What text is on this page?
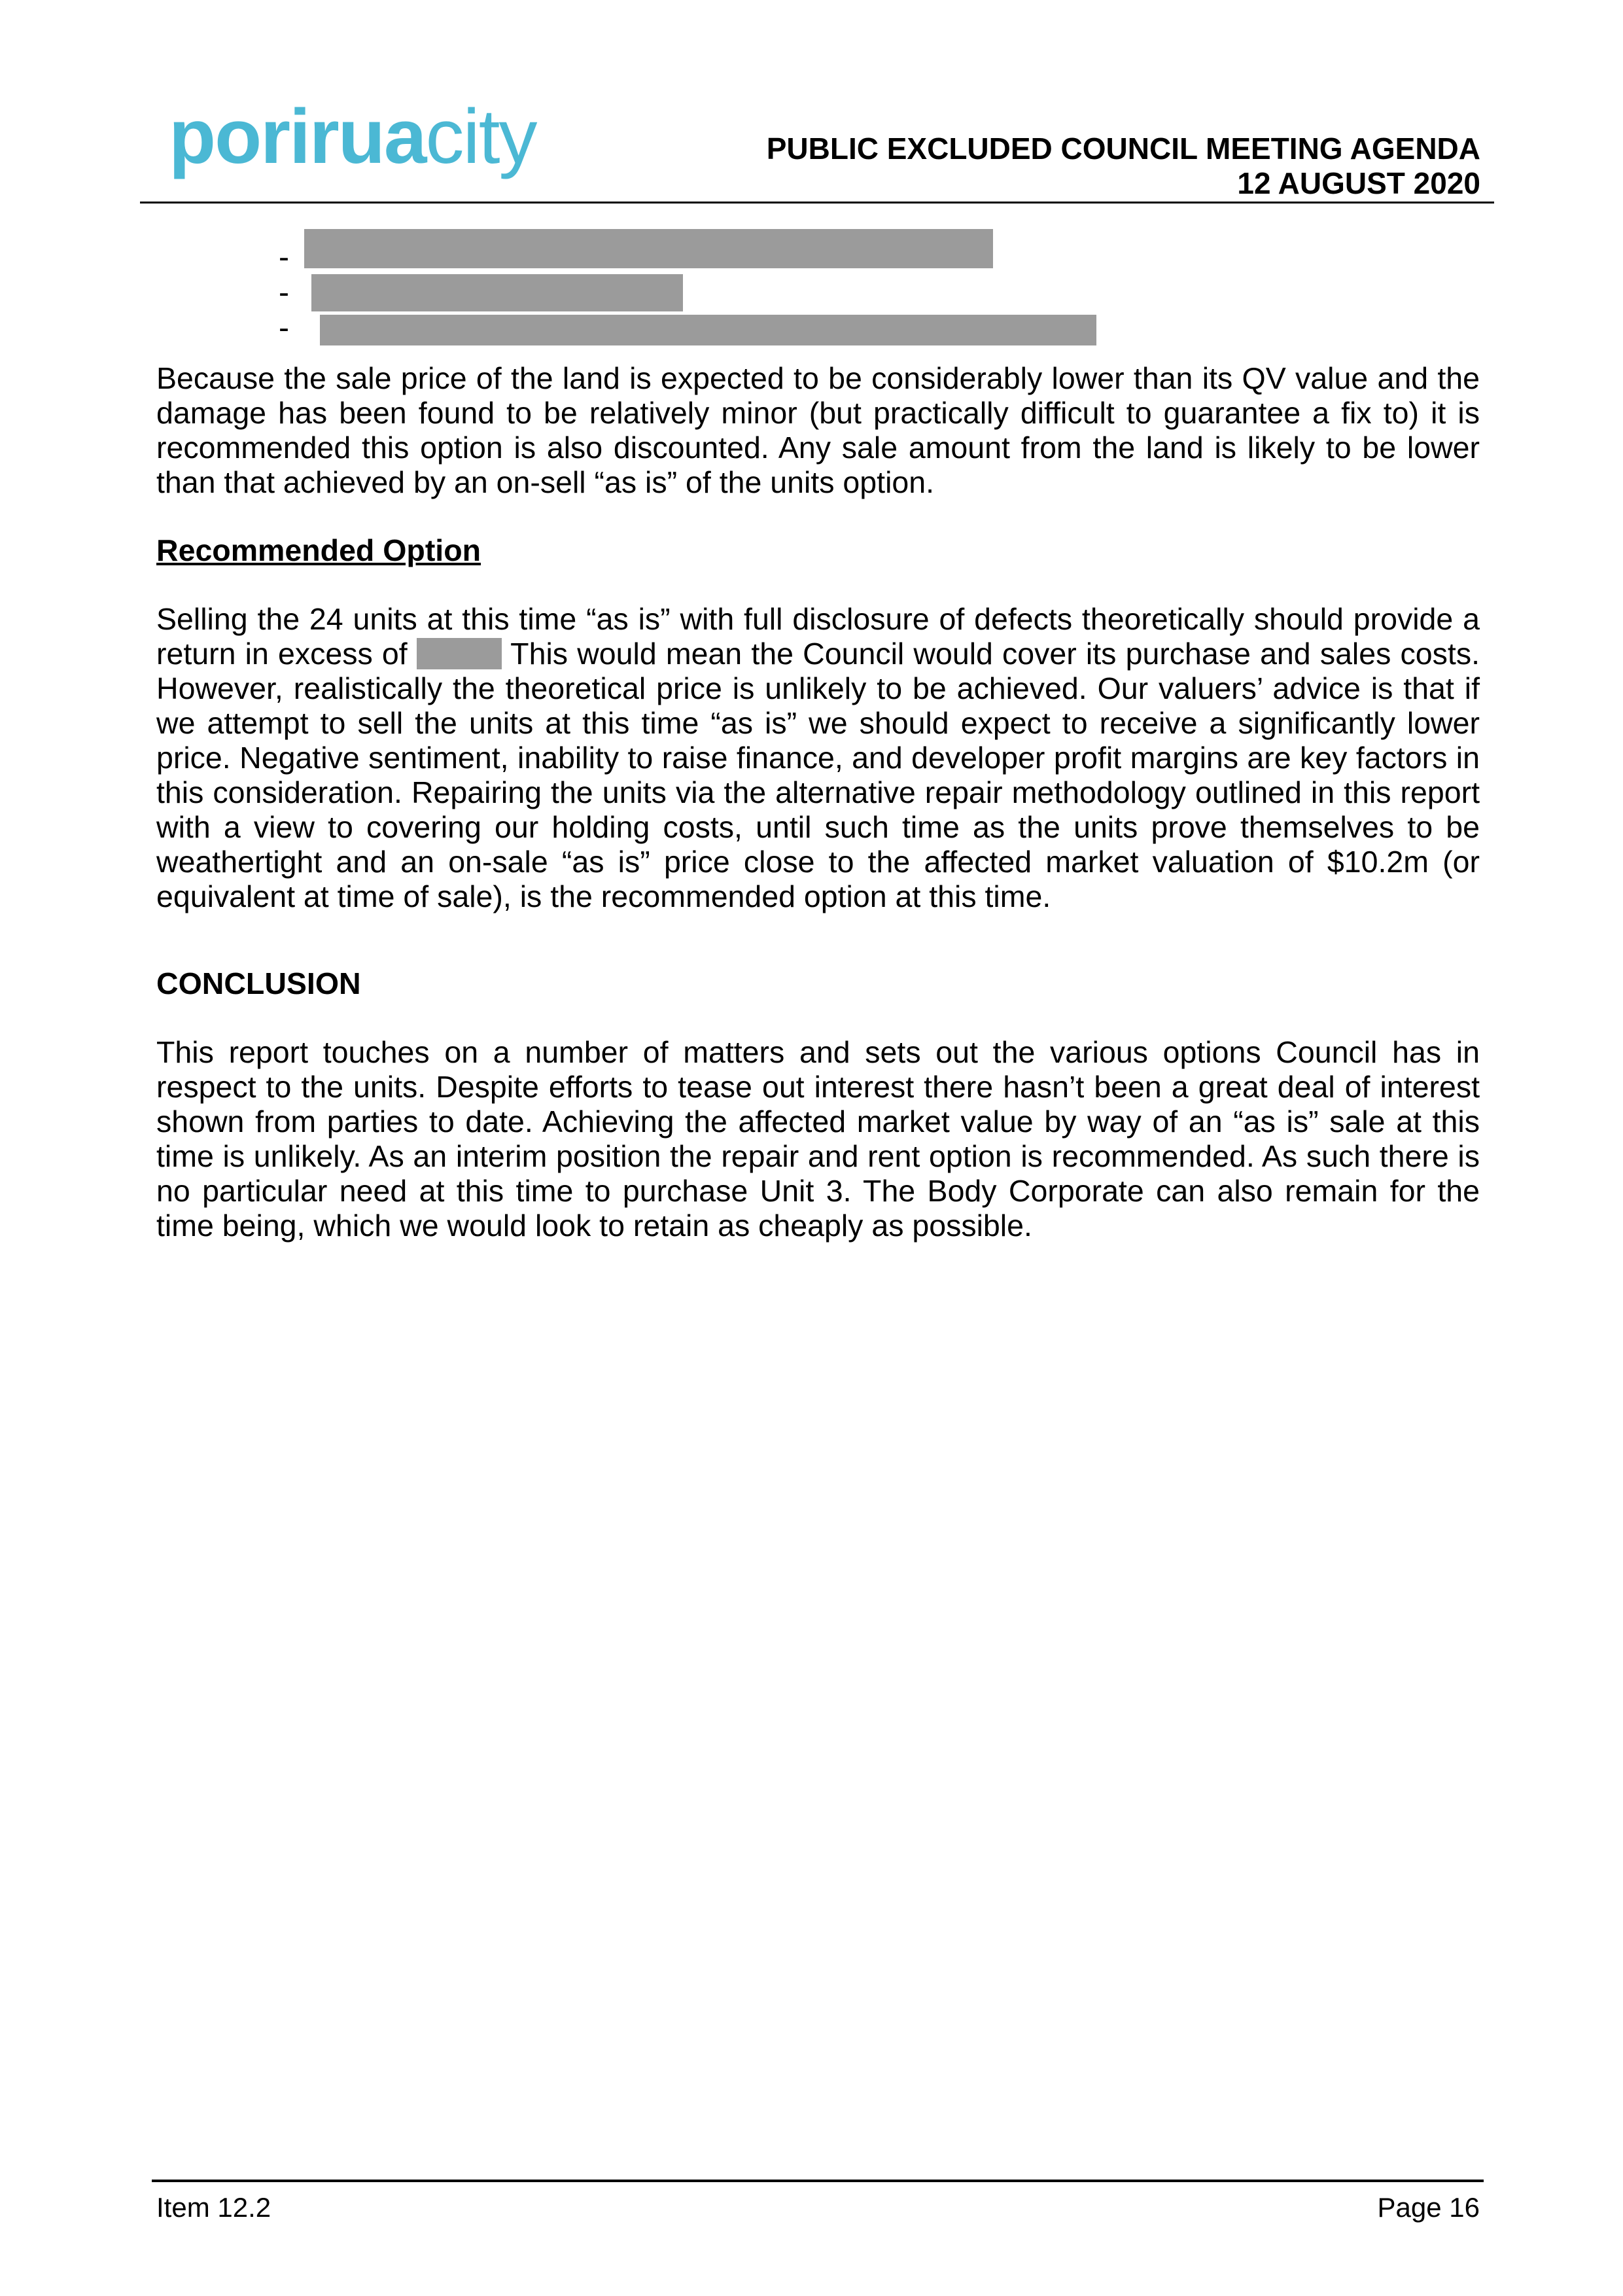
poriruacity	PUBLIC EXCLUDED COUNCIL MEETING AGENDA
12 AUGUST 2020
-
-
-
Because the sale price of the land is expected to be considerably lower than its QV value and the damage has been found to be relatively minor (but practically difficult to guarantee a fix to) it is recommended this option is also discounted. Any sale amount from the land is likely to be lower than that achieved by an on-sell “as is” of the units option.
Recommended Option
Selling the 24 units at this time “as is” with full disclosure of defects theoretically should provide a return in excess of	This would mean the Council would cover its purchase and sales costs. However, realistically the theoretical price is unlikely to be achieved. Our valuers’ advice is that if we attempt to sell the units at this time “as is” we should expect to receive a significantly lower price. Negative sentiment, inability to raise finance, and developer profit margins are key factors in this consideration. Repairing the units via the alternative repair methodology outlined in this report with a view to covering our holding costs, until such time as the units prove themselves to be weathertight and an on-sale “as is” price close to the affected market valuation of $10.2m (or equivalent at time of sale), is the recommended option at this time.
CONCLUSION
This report touches on a number of matters and sets out the various options Council has in respect to the units. Despite efforts to tease out interest there hasn’t been a great deal of interest shown from parties to date. Achieving the affected market value by way of an “as is” sale at this time is unlikely. As an interim position the repair and rent option is recommended. As such there is no particular need at this time to purchase Unit 3. The Body Corporate can also remain for the time being, which we would look to retain as cheaply as possible.
Item 12.2	Page 16
